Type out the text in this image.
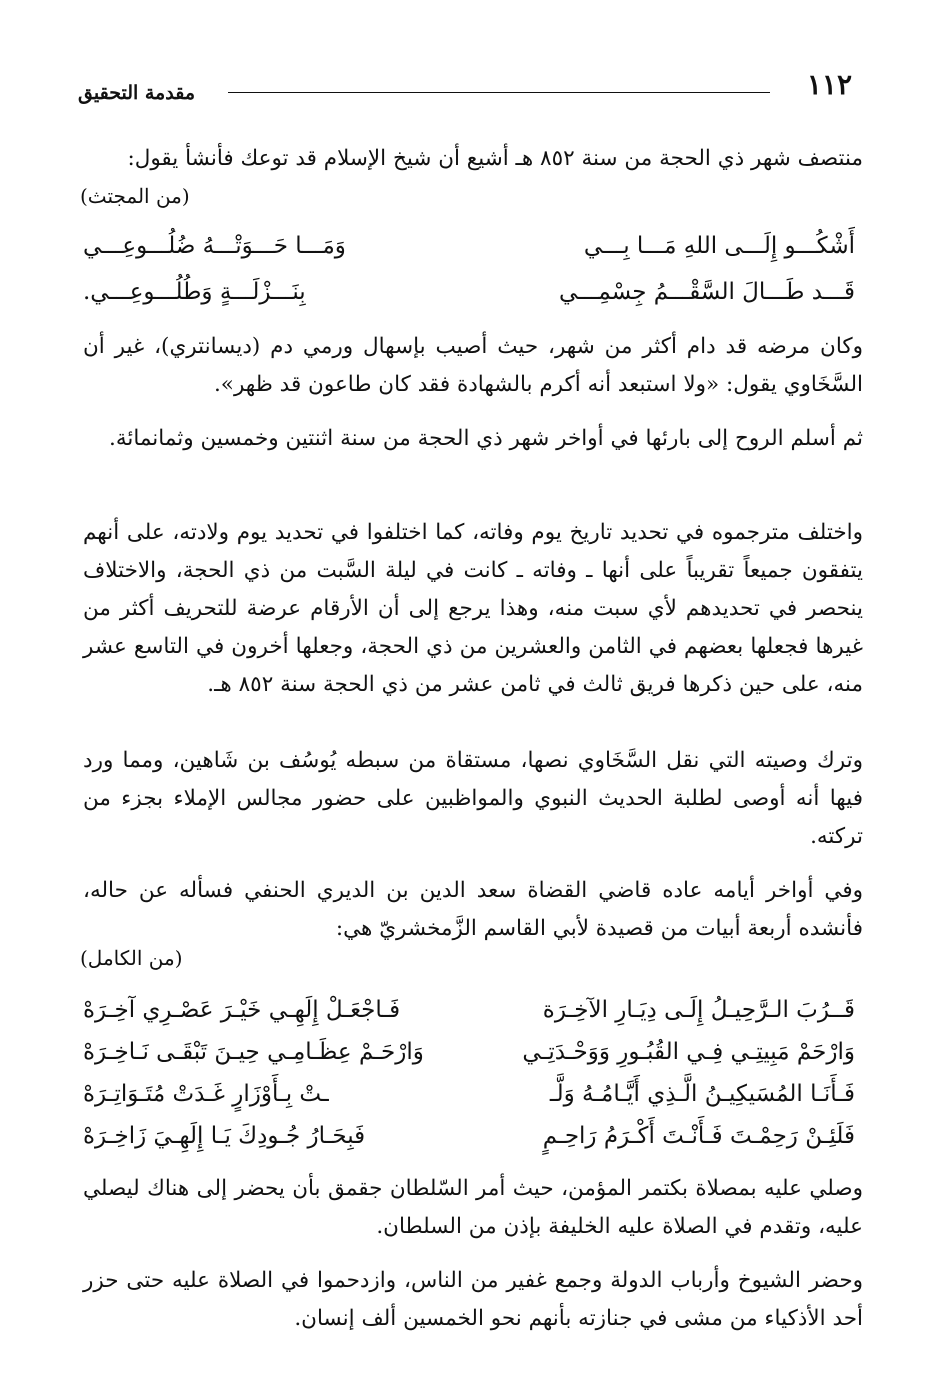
١١٢
مقدمة التحقيق

منتصف شهر ذي الحجة من سنة ٨٥٢ هـ أشيع أن شيخ الإسلام قد توعك فأنشأ يقول:

(من المجتث)

أَشْكُـــو إِلَـــى اللهِ مَـــا بِـــي
وَمَـــا حَـــوَتْـــهُ ضُلُـــوعِـــي
قَـــد طَـــالَ السَّقْـــمُ جِسْمِـــي
بِنَـــزْلَـــةٍ وَطُلُـــوعِـــي.

وكان مرضه قد دام أكثر من شهر، حيث أصيب بإسهال ورمي دم (ديسانتري)، غير أن السَّخَاوي يقول: «ولا استبعد أنه أكرم بالشهادة فقد كان طاعون قد ظهر».

ثم أسلم الروح إلى بارئها في أواخر شهر ذي الحجة من سنة اثنتين وخمسين وثمانمائة.

واختلف مترجموه في تحديد تاريخ يوم وفاته، كما اختلفوا في تحديد يوم ولادته، على أنهم يتفقون جميعاً تقريباً على أنها ـ وفاته ـ كانت في ليلة السَّبت من ذي الحجة، والاختلاف ينحصر في تحديدهم لأي سبت منه، وهذا يرجع إلى أن الأرقام عرضة للتحريف أكثر من غيرها فجعلها بعضهم في الثامن والعشرين من ذي الحجة، وجعلها أخرون في التاسع عشر منه، على حين ذكرها فريق ثالث في ثامن عشر من ذي الحجة سنة ٨٥٢ هـ.

وترك وصيته التي نقل السَّخَاوي نصها، مستقاة من سبطه يُوسُف بن شَاهين، ومما ورد فيها أنه أوصى لطلبة الحديث النبوي والمواظبين على حضور مجالس الإملاء بجزء من تركته.

وفي أواخر أيامه عاده قاضي القضاة سعد الدين بن الديري الحنفي فسأله عن حاله، فأنشده أربعة أبيات من قصيدة لأبي القاسم الزَّمخشريّ هي:

(من الكامل)

قَــرُبَ الـرَّحِيـلُ إِلَـى دِيَـارِ الآخِـرَة
فَـاجْعَـلْ إِلَهِـي خَيْـرَ عَصْـرِي آخِـرَهْ
وَارْحَمْ مَبِيتِـي فِـي القُبُـورِ وَوَحْـدَتِـي
وَارْحَـمْ عِظَـامِـي حِيـنَ تَبْقَـى نَـاخِـرَهْ
فَـأَنَـا المُسَيكِيـنُ الَّـذِي أَيَّـامُـهُ وَلَّـ
ـتْ بِـأَوْزَارٍ غَـدَتْ مُتَـوَاتِـرَهْ
فَلَئِـنْ رَحِمْـتَ فَـأَنْـتَ أَكْـرَمُ رَاحِـمٍ
فَبِحَـارُ جُـودِكَ يَـا إِلَهِـيَ زَاخِـرَهْ

وصلي عليه بمصلاة بكتمر المؤمن، حيث أمر السّلطان جقمق بأن يحضر إلى هناك ليصلي عليه، وتقدم في الصلاة عليه الخليفة بإذن من السلطان.

وحضر الشيوخ وأرباب الدولة وجمع غفير من الناس، وازدحموا في الصلاة عليه حتى حزر أحد الأذكياء من مشى في جنازته بأنهم نحو الخمسين ألف إنسان.
